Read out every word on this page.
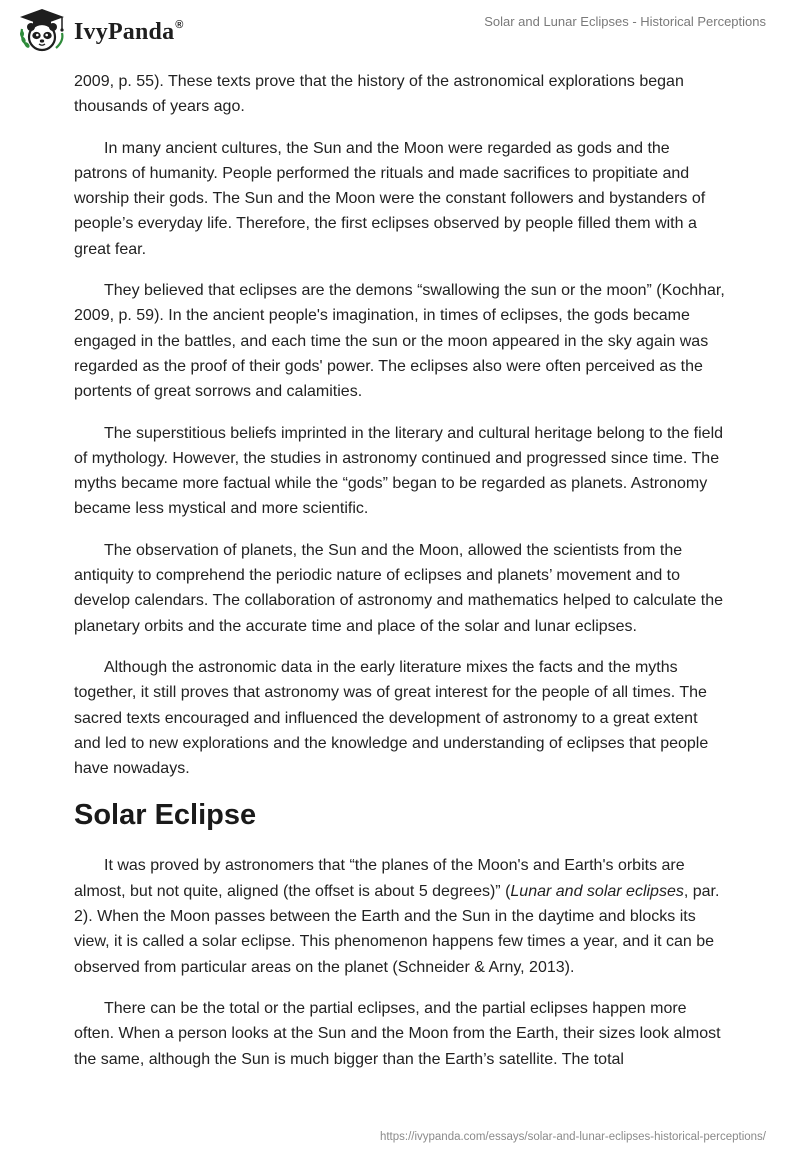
IvyPanda®	Solar and Lunar Eclipses - Historical Perceptions

2009, p. 55). These texts prove that the history of the astronomical explorations began thousands of years ago.

In many ancient cultures, the Sun and the Moon were regarded as gods and the patrons of humanity. People performed the rituals and made sacrifices to propitiate and worship their gods. The Sun and the Moon were the constant followers and bystanders of people’s everyday life. Therefore, the first eclipses observed by people filled them with a great fear.

They believed that eclipses are the demons “swallowing the sun or the moon” (Kochhar, 2009, p. 59). In the ancient people's imagination, in times of eclipses, the gods became engaged in the battles, and each time the sun or the moon appeared in the sky again was regarded as the proof of their gods' power. The eclipses also were often perceived as the portents of great sorrows and calamities.

The superstitious beliefs imprinted in the literary and cultural heritage belong to the field of mythology. However, the studies in astronomy continued and progressed since time. The myths became more factual while the “gods” began to be regarded as planets. Astronomy became less mystical and more scientific.

The observation of planets, the Sun and the Moon, allowed the scientists from the antiquity to comprehend the periodic nature of eclipses and planets’ movement and to develop calendars. The collaboration of astronomy and mathematics helped to calculate the planetary orbits and the accurate time and place of the solar and lunar eclipses.

Although the astronomic data in the early literature mixes the facts and the myths together, it still proves that astronomy was of great interest for the people of all times. The sacred texts encouraged and influenced the development of astronomy to a great extent and led to new explorations and the knowledge and understanding of eclipses that people have nowadays.

Solar Eclipse

It was proved by astronomers that “the planes of the Moon's and Earth's orbits are almost, but not quite, aligned (the offset is about 5 degrees)” (Lunar and solar eclipses, par. 2). When the Moon passes between the Earth and the Sun in the daytime and blocks its view, it is called a solar eclipse. This phenomenon happens few times a year, and it can be observed from particular areas on the planet (Schneider & Arny, 2013).

There can be the total or the partial eclipses, and the partial eclipses happen more often. When a person looks at the Sun and the Moon from the Earth, their sizes look almost the same, although the Sun is much bigger than the Earth’s satellite. The total

https://ivypanda.com/essays/solar-and-lunar-eclipses-historical-perceptions/
